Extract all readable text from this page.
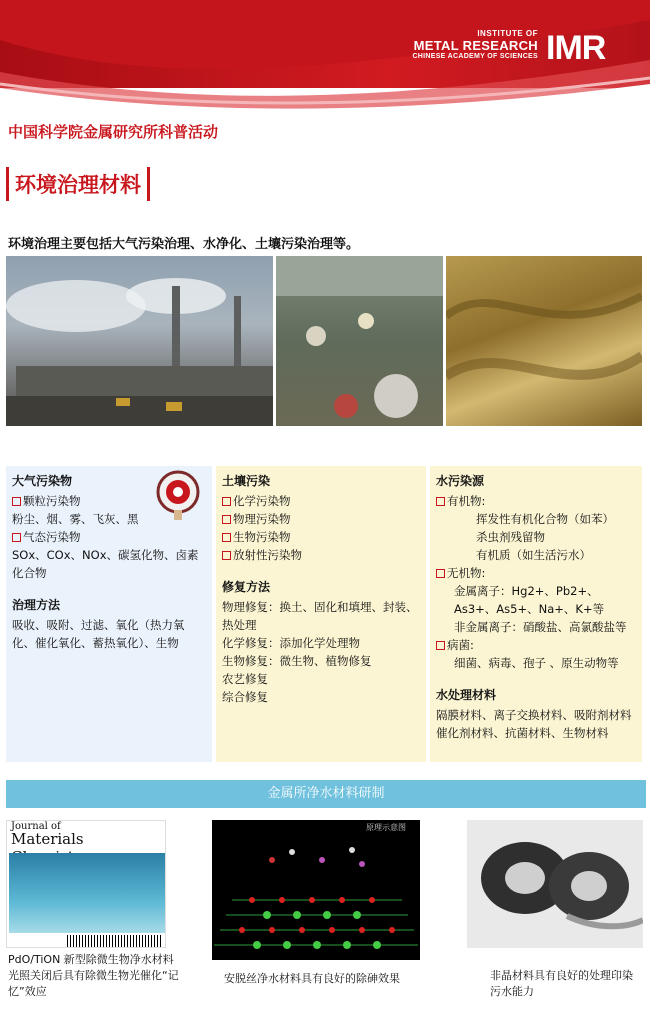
INSTITUTE OF
METAL RESEARCH
CHINESE ACADEMY OF SCIENCES IMR
中国科学院金属研究所科普活动
环境治理材料
环境治理主要包括大气污染治理、水净化、土壤污染治理等。
大气污染物
颗粒污染物
粉尘、烟、雾、飞灰、黑
气态污染物
SOx、COx、NOx、碳氢化物、卤素化合物
治理方法
吸收、吸附、过滤、氧化（热力氧化、催化氧化、蓄热氧化）、生物
土壤污染
化学污染物
物理污染物
生物污染物
放射性污染物
修复方法
物理修复：换土、固化和填埋、封装、热处理
化学修复：添加化学处理物
生物修复：微生物、植物修复
农艺修复
综合修复
水污染源
有机物:
挥发性有机化合物（如苯）
杀虫剂残留物
有机质（如生活污水）
无机物:
金属离子：Hg2+、Pb2+、As3+、As5+、Na+、K+等
非金属离子：硝酸盐、高氯酸盐等
病菌:
细菌、病毒、孢子 、原生动物等
水处理材料
隔膜材料、离子交换材料、吸附剂材料
催化剂材料、抗菌材料、生物材料
金属所净水材料研制
Journal of
Materials
原理示意图
PdO/TiON 新型除微生物净水材料光照关闭后具有除微生物光催化“记忆”效应
安脱丝净水材料具有良好的除砷效果	非晶材料具有良好的处理印染污水能力
